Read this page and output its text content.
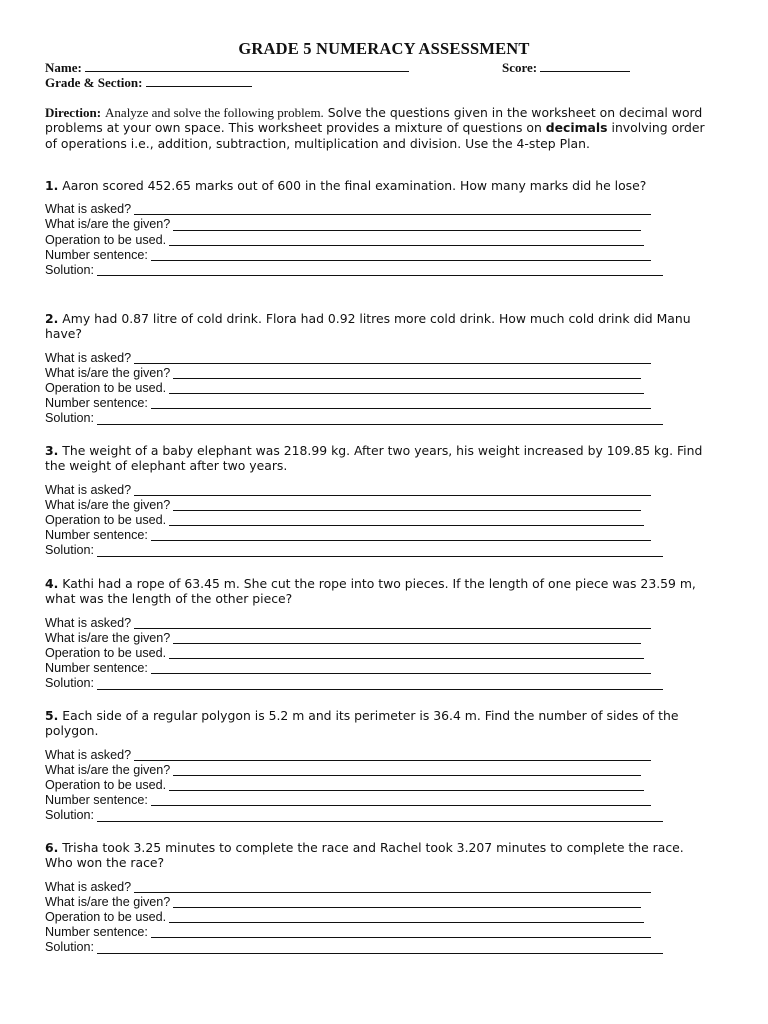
GRADE 5 NUMERACY ASSESSMENT
Name:	Score:
Grade & Section:
Direction: Analyze and solve the following problem. Solve the questions given in the worksheet on decimal word problems at your own space. This worksheet provides a mixture of questions on decimals involving order of operations i.e., addition, subtraction, multiplication and division. Use the 4-step Plan.

1. Aaron scored 452.65 marks out of 600 in the final examination. How many marks did he lose?

What is asked?
What is/are the given?
Operation to be used.
Number sentence:
Solution:

2. Amy had 0.87 litre of cold drink. Flora had 0.92 litres more cold drink. How much cold drink did Manu have?

What is asked?
What is/are the given?
Operation to be used.
Number sentence:
Solution:

3. The weight of a baby elephant was 218.99 kg. After two years, his weight increased by 109.85 kg. Find the weight of elephant after two years.

What is asked?
What is/are the given?
Operation to be used.
Number sentence:
Solution:

4. Kathi had a rope of 63.45 m. She cut the rope into two pieces. If the length of one piece was 23.59 m, what was the length of the other piece?

What is asked?
What is/are the given?
Operation to be used.
Number sentence:
Solution:

5. Each side of a regular polygon is 5.2 m and its perimeter is 36.4 m. Find the number of sides of the polygon.

What is asked?
What is/are the given?
Operation to be used.
Number sentence:
Solution:

6. Trisha took 3.25 minutes to complete the race and Rachel took 3.207 minutes to complete the race. Who won the race?

What is asked?
What is/are the given?
Operation to be used.
Number sentence:
Solution:
